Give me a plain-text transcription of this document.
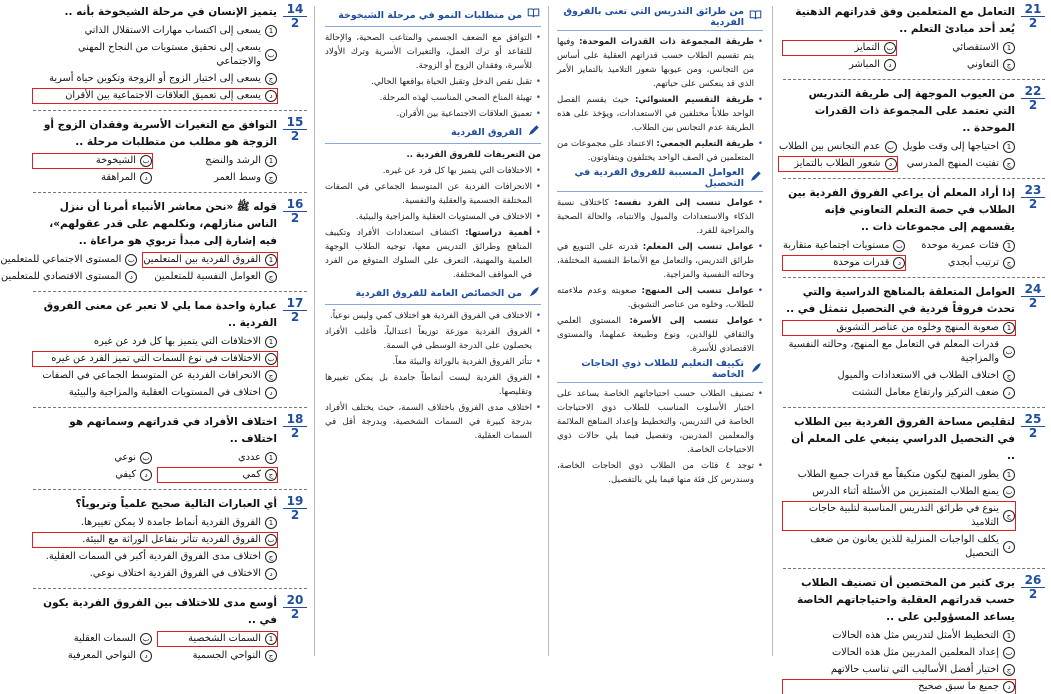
21
2
التعامل مع المتعلمين وفق قدراتهم الذهنية يُعد أحد مبادئ التعلم ..
1
الاستقصائي
ب
التمايز
ج
التعاوني
د
المباشر
22
2
من العيوب الموجهة إلى طريقة التدريس التي تعتمد على المجموعة ذات القدرات الموحدة ..
1
احتياجها إلى وقت طويل
ب
عدم التجانس بين الطلاب
ج
تفتيت المنهج المدرسي
د
شعور الطلاب بالتمايز
23
2
إذا أراد المعلم أن يراعي الفروق الفردية بين الطلاب في حصة التعلم التعاوني فإنه يقسمهم إلى مجموعات ذات ..
1
فئات عمرية موحدة
ب
مستويات اجتماعية متقاربة
ج
ترتيب أبجدي
د
قدرات موحدة
24
2
العوامل المتعلقة بالمناهج الدراسية والتي تحدث فروقاً فردية في التحصيل تتمثل في ..
1
صعوبة المنهج وخلوه من عناصر التشويق
ب
قدرات المعلم في التعامل مع المنهج، وحالته النفسية والمزاجية
ج
اختلاف الطلاب في الاستعدادات والميول
د
ضعف التركيز وارتفاع معامل التشتت
25
2
لتقليص مساحة الفروق الفردية بين الطلاب في التحصيل الدراسي ينبغي على المعلم أن ..
1
يطور المنهج ليكون متكيفاً مع قدرات جميع الطلاب
ب
يمنع الطلاب المتميزين من الأسئلة أثناء الدرس
ج
ينوع في طرائق التدريس المناسبة لتلبية حاجات التلاميذ
د
يكلف الواجبات المنزلية للذين يعانون من ضعف التحصيل
26
2
يرى كثير من المختصين أن تصنيف الطلاب حسب قدراتهم العقلية واحتياجاتهم الخاصة يساعد المسؤولين على ..
1
التخطيط الأمثل لتدريس مثل هذه الحالات
ب
إعداد المعلمين المدربين مثل هذه الحالات
ج
اختيار أفضل الأساليب التي تناسب حالاتهم
د
جميع ما سبق صحيح
من طرائق التدريس التي تعنى بالفروق الفردية
• طريقة المجموعة ذات القدرات الموحدة: وفيها يتم تقسيم الطلاب حسب قدراتهم العقلية على أساس من التجانس، ومن عيوبها شعور التلاميذ بالتمايز الأمر الذي قد ينعكس على حياتهم.
• طريقة التقسيم العشوائي: حيث يقسم الفصل الواحد طلاباً مختلفين في الاستعدادات، ويؤخذ على هذه الطريقة عدم التجانس بين الطلاب.
• طريقة التعليم الجمعي: الاعتماد على مجموعات من المتعلمين في الصف الواحد يختلفون ويتفاوتون.
العوامل المسببة للفروق الفردية في التحصيل
• عوامل تنسب إلى الفرد نفسه: كاختلاف نسبة الذكاء والاستعدادات والميول والانتباه، والحالة الصحية والمزاجية للفرد.
• عوامل تنسب إلى المعلم: قدرته على التنويع في طرائق التدريس، والتعامل مع الأنماط النفسية المختلفة، وحالته النفسية والمزاجية.
• عوامل تنسب إلى المنهج: صعوبته وعدم ملاءمته للطلاب، وخلوه من عناصر التشويق.
• عوامل تنسب إلى الأسرة: المستوى العلمي والثقافي للوالدين، ونوع وطبيعة عملهما، والمستوى الاقتصادي للأسرة.
تكييف التعليم للطلاب ذوي الحاجات الخاصة
• تصنيف الطلاب حسب احتياجاتهم الخاصة يساعد على اختيار الأسلوب المناسب للطلاب ذوي الاحتياجات الخاصة في التدريس، والتخطيط وإعداد المناهج الملائمة والمعلمين المدربين، وتفصيل فيما يلي حالات ذوي الاحتياجات الخاصة.
• توجد ٤ فئات من الطلاب ذوي الحاجات الخاصة، وسندرس كل فئة منها فيما يلي بالتفصيل.
من متطلبات النمو في مرحلة الشيخوخة
• التوافق مع الضعف الجسمي والمتاعب الصحية، والإحالة للتقاعد أو ترك العمل، والتغيرات الأسرية وترك الأولاد للأسرة، وفقدان الزوج أو الزوجة.
• تقبل نقص الدخل وتقبل الحياة بواقعها الحالي.
• تهيئة المناخ الصحي المناسب لهذه المرحلة.
• تعميق العلاقات الاجتماعية بين الأقران.
الفروق الفردية
من التعريفات للفروق الفردية ..
• الاختلافات التي يتميز بها كل فرد عن غيره.
• الانحرافات الفردية عن المتوسط الجماعي في الصفات المختلفة الجسمية والعقلية والنفسية.
• الاختلاف في المستويات العقلية والمزاجية والبيئية.
• أهمية دراستها: اكتشاف استعدادات الأفراد وتكييف المناهج وطرائق التدريس معها، توجيه الطلاب الوجهة العلمية والمهنية، التعرف على السلوك المتوقع من الفرد في المواقف المختلفة.
من الخصائص العامة للفروق الفردية
• الاختلاف في الفروق الفردية هو اختلاف كمي وليس نوعياً.
• الفروق الفردية موزعة توزيعاً اعتدالياً، فأغلب الأفراد يحصلون على الدرجة الوسطى في السمة.
• تتأثر الفروق الفردية بالوراثة والبيئة معاً.
• الفروق الفردية ليست أنماطاً جامدة بل يمكن تغييرها وتقليصها.
• اختلاف مدى الفروق باختلاف السمة، حيث يختلف الأفراد بدرجة كبيرة في السمات الشخصية، وبدرجة أقل في السمات العقلية.
14
2
يتميز الإنسان في مرحلة الشيخوخة بأنه ..
1
يسعى إلى اكتساب مهارات الاستقلال الذاتي
ب
يسعى إلى تحقيق مستويات من النجاح المهني والاجتماعي
ج
يسعى إلى اختيار الزوج أو الزوجة وتكوين حياة أسرية
د
يسعى إلى تعميق العلاقات الاجتماعية بين الأقران
15
2
التوافق مع التغيرات الأسرية وفقدان الزوج أو الزوجة هو مطلب من متطلبات مرحلة ..
1
الرشد والنضج
ب
الشيخوخة
ج
وسط العمر
د
المراهقة
16
2
قوله ﷺ «نحن معاشر الأنبياء أمرنا أن ننزل الناس منازلهم، ونكلمهم على قدر عقولهم»، فيه إشارة إلى مبدأ تربوي هو مراعاة ..
1
الفروق الفردية بين المتعلمين
ب
المستوى الاجتماعي للمتعلمين
ج
العوامل النفسية للمتعلمين
د
المستوى الاقتصادي للمتعلمين
17
2
عبارة واحدة مما يلي لا تعبر عن معنى الفروق الفردية ..
1
الاختلافات التي يتميز بها كل فرد عن غيره
ب
الاختلافات في نوع السمات التي تميز الفرد عن غيره
ج
الانحرافات الفردية عن المتوسط الجماعي في الصفات
د
اختلاف في المستويات العقلية والمزاجية والبيئية
18
2
اختلاف الأفراد في قدراتهم وسماتهم هو اختلاف ..
1
عددي
ب
نوعي
ج
كمي
د
كيفي
19
2
أي العبارات التالية صحيح علمياً وتربوياً؟
1
الفروق الفردية أنماط جامدة لا يمكن تغييرها.
ب
الفروق الفردية تتأثر بتفاعل الوراثة مع البيئة.
ج
اختلاف مدى الفروق الفردية أكبر في السمات العقلية.
د
الاختلاف في الفروق الفردية اختلاف نوعي.
20
2
أوسع مدى للاختلاف بين الفروق الفردية يكون في ..
1
السمات الشخصية
ب
السمات العقلية
ج
النواحي الجسمية
د
النواحي المعرفية
